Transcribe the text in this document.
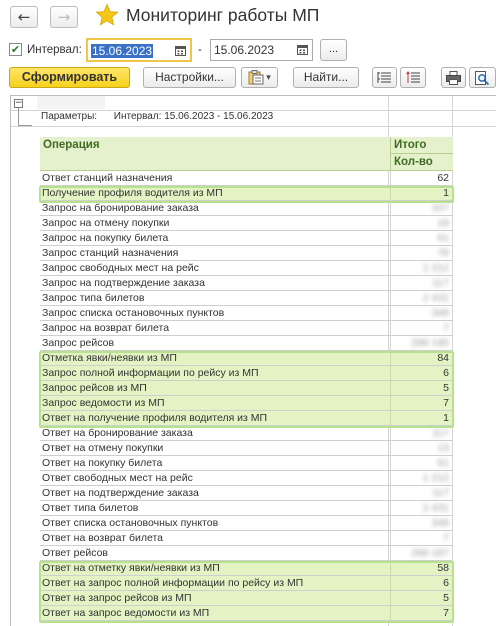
← →	Мониторинг работы МП
✔ Интервал: 15.06.2023	- 15.06.2023	...
Сформировать	Настройки...	▾	Найти...
−
Параметры: Интервал: 15.06.2023 - 15.06.2023
Операция	Итого
Кол-во
Ответ станций назначения	62
Получение профиля водителя из МП	1
Запрос на бронирование заказа	107
Запрос на отмену покупки	18
Запрос на покупку билета	61
Запрос станций назначения	78
Запрос свободных мест на рейс	1 212
Запрос на подтверждение заказа	117
Запрос типа билетов	2 431
Запрос списка остановочных пунктов	348
Запрос на возврат билета	7
Запрос рейсов	288 190
Отметка явки/неявки из МП	84
Запрос полной информации по рейсу из МП	6
Запрос рейсов из МП	5
Запрос ведомости из МП	7
Ответ на получение профиля водителя из МП	1
Ответ на бронирование заказа	117
Ответ на отмену покупки	13
Ответ на покупку билета	61
Ответ свободных мест на рейс	1 212
Ответ на подтверждение заказа	117
Ответ типа билетов	2 431
Ответ списка остановочных пунктов	348
Ответ на возврат билета	7
Ответ рейсов	288 187
Ответ на отметку явки/неявки из МП	58
Ответ на запрос полной информации по рейсу из МП	6
Ответ на запрос рейсов из МП	5
Ответ на запрос ведомости из МП	7
